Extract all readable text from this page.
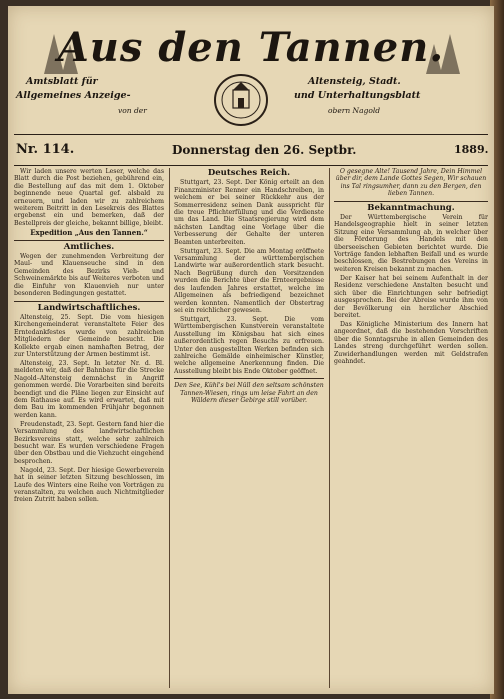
Aus den Tannen.
Amtsblatt für
Allgemeines Anzeige-
von der
Altensteig, Stadt.
und Unterhaltungsblatt
obern Nagold
Nr. 114.	Donnerstag den 26. Septbr.	1889.

Wir laden unsere werten Leser, welche das Blatt durch die Post beziehen, gebührend ein, die Bestellung auf das mit dem 1. Oktober beginnende neue Quartal gef. alsbald zu erneuern, und laden wir zu zahlreichem weiterem Beitritt in den Lesekreis des Blattes ergebenst ein und bemerken, daß der Bestellpreis der gleiche, bekannt billige, bleibt.

Expedition „Aus den Tannen.“
Amtliches.

Wegen der zunehmenden Verbreitung der Maul- und Klauenseuche sind in den Gemeinden des Bezirks Vieh- und Schweinemärkte bis auf Weiteres verboten und die Einfuhr von Klauenvieh nur unter besonderen Bedingungen gestattet.

Landwirtschaftliches.

Altensteig, 25. Sept. Die vom hiesigen Kirchengemeinderat veranstaltete Feier des Erntedankfestes wurde von zahlreichen Mitgliedern der Gemeinde besucht. Die Kollekte ergab einen namhaften Betrag, der zur Unterstützung der Armen bestimmt ist.

Altensteig, 23. Sept. In letzter Nr. d. Bl. meldeten wir, daß der Bahnbau für die Strecke Nagold–Altensteig demnächst in Angriff genommen werde. Die Vorarbeiten sind bereits beendigt und die Pläne liegen zur Einsicht auf dem Rathause auf. Es wird erwartet, daß mit dem Bau im kommenden Frühjahr begonnen werden kann.

Freudenstadt, 23. Sept. Gestern fand hier die Versammlung des landwirtschaftlichen Bezirksvereins statt, welche sehr zahlreich besucht war. Es wurden verschiedene Fragen über den Obstbau und die Viehzucht eingehend besprochen.

Nagold, 23. Sept. Der hiesige Gewerbeverein hat in seiner letzten Sitzung beschlossen, im Laufe des Winters eine Reihe von Vorträgen zu veranstalten, zu welchen auch Nichtmitglieder freien Zutritt haben sollen.

Deutsches Reich.

Stuttgart, 23. Sept. Der König erteilt an den Finanzminister Renner ein Handschreiben, in welchem er bei seiner Rückkehr aus der Sommerresidenz seinen Dank ausspricht für die treue Pflichterfüllung und die Verdienste um das Land. Die Staatsregierung wird dem nächsten Landtag eine Vorlage über die Verbesserung der Gehalte der unteren Beamten unterbreiten.

Stuttgart, 23. Sept. Die am Montag eröffnete Versammlung der württembergischen Landwirte war außerordentlich stark besucht. Nach Begrüßung durch den Vorsitzenden wurden die Berichte über die Ernteergebnisse des laufenden Jahres erstattet, welche im Allgemeinen als befriedigend bezeichnet werden konnten. Namentlich der Obstertrag sei ein reichlicher gewesen.

Stuttgart, 23. Sept. Die vom Württembergischen Kunstverein veranstaltete Ausstellung im Königsbau hat sich eines außerordentlich regen Besuchs zu erfreuen. Unter den ausgestellten Werken befinden sich zahlreiche Gemälde einheimischer Künstler, welche allgemeine Anerkennung finden. Die Ausstellung bleibt bis Ende Oktober geöffnet.

Den See, Kühl's bei Nüll den seltsam schönsten Tannen-Wiesen, rings um leise Fahrt an den Wäldern dieser Gebirge still vorüber.

O gesegne Alte! Tausend Jahre, Dein Himmel über dir, dem Lande Gottes Segen, Wir schauen ins Tal ringsumher, dann zu den Bergen, den lieben Tannen.

Bekanntmachung.

Der Württembergische Verein für Handelsgeographie hielt in seiner letzten Sitzung eine Versammlung ab, in welcher über die Förderung des Handels mit den überseeischen Gebieten berichtet wurde. Die Vorträge fanden lebhaften Beifall und es wurde beschlossen, die Bestrebungen des Vereins in weiteren Kreisen bekannt zu machen.

Der Kaiser hat bei seinem Aufenthalt in der Residenz verschiedene Anstalten besucht und sich über die Einrichtungen sehr befriedigt ausgesprochen. Bei der Abreise wurde ihm von der Bevölkerung ein herzlicher Abschied bereitet.

Das Königliche Ministerium des Innern hat angeordnet, daß die bestehenden Vorschriften über die Sonntagsruhe in allen Gemeinden des Landes streng durchgeführt werden sollen. Zuwiderhandlungen werden mit Geldstrafen geahndet.
